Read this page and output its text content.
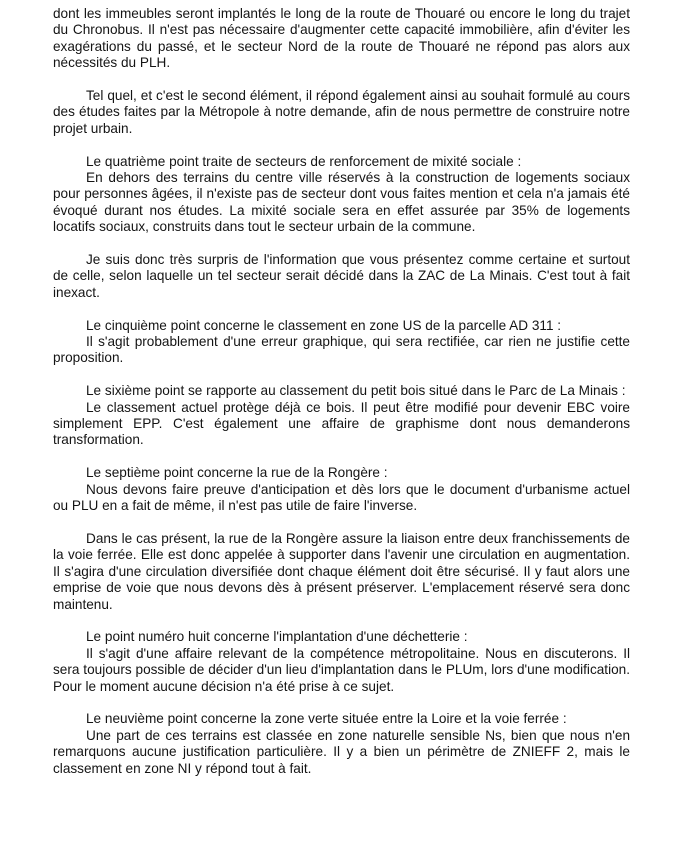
dont les immeubles seront implantés le long de la route de Thouaré ou encore le long du trajet du Chronobus. Il n'est pas nécessaire d'augmenter cette capacité immobilière, afin d'éviter les exagérations du passé, et le secteur Nord de la route de Thouaré ne répond pas alors aux nécessités du PLH.

Tel quel, et c'est le second élément, il répond également ainsi au souhait formulé au cours des études faites par la Métropole à notre demande, afin de nous permettre de construire notre projet urbain.

Le quatrième point traite de secteurs de renforcement de mixité sociale :

En dehors des terrains du centre ville réservés à la construction de logements sociaux pour personnes âgées, il n'existe pas de secteur dont vous faites mention et cela n'a jamais été évoqué durant nos études. La mixité sociale sera en effet assurée par 35% de logements locatifs sociaux, construits dans tout le secteur urbain de la commune.

Je suis donc très surpris de l'information que vous présentez comme certaine et surtout de celle, selon laquelle un tel secteur serait décidé dans la ZAC de La Minais. C'est tout à fait inexact.

Le cinquième point concerne le classement en zone US de la parcelle AD 311 :

Il s'agit probablement d'une erreur graphique, qui sera rectifiée, car rien ne justifie cette proposition.

Le sixième point se rapporte au classement du petit bois situé dans le Parc de La Minais :

Le classement actuel protège déjà ce bois. Il peut être modifié pour devenir EBC voire simplement EPP. C'est également une affaire de graphisme dont nous demanderons transformation.

Le septième point concerne la rue de la Rongère :

Nous devons faire preuve d'anticipation et dès lors que le document d'urbanisme actuel ou PLU en a fait de même, il n'est pas utile de faire l'inverse.

Dans le cas présent, la rue de la Rongère assure la liaison entre deux franchissements de la voie ferrée. Elle est donc appelée à supporter dans l'avenir une circulation en augmentation. Il s'agira d'une circulation diversifiée dont chaque élément doit être sécurisé. Il y faut alors une emprise de voie que nous devons dès à présent préserver. L'emplacement réservé sera donc maintenu.

Le point numéro huit concerne l'implantation d'une déchetterie :

Il s'agit d'une affaire relevant de la compétence métropolitaine. Nous en discuterons. Il sera toujours possible de décider d'un lieu d'implantation dans le PLUm, lors d'une modification. Pour le moment aucune décision n'a été prise à ce sujet.

Le neuvième point concerne la zone verte située entre la Loire et la voie ferrée :

Une part de ces terrains est classée en zone naturelle sensible Ns, bien que nous n'en remarquons aucune justification particulière. Il y a bien un périmètre de ZNIEFF 2, mais le classement en zone NI y répond tout à fait.
